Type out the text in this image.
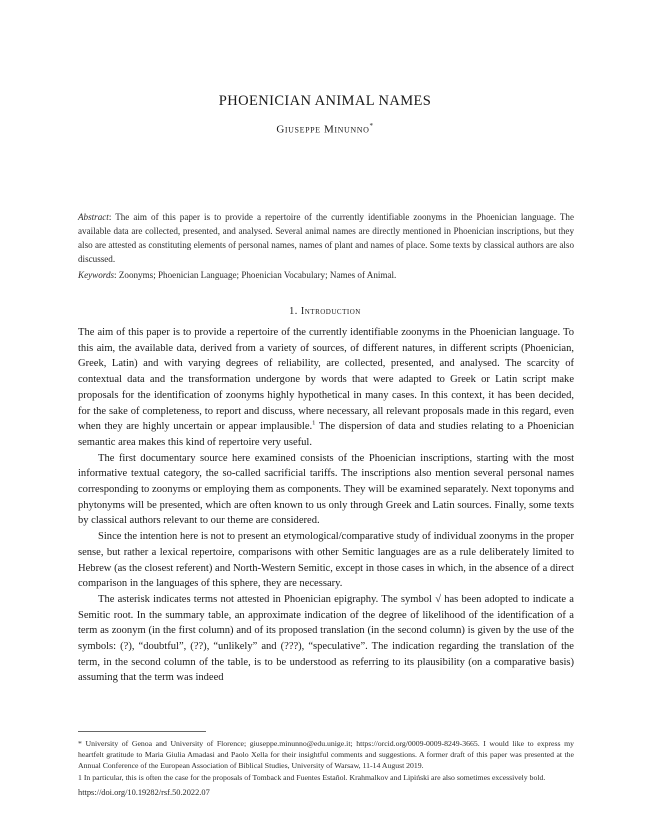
PHOENICIAN ANIMAL NAMES
Giuseppe Minunno*
Abstract: The aim of this paper is to provide a repertoire of the currently identifiable zoonyms in the Phoenician language. The available data are collected, presented, and analysed. Several animal names are directly mentioned in Phoenician inscriptions, but they also are attested as constituting elements of personal names, names of plant and names of place. Some texts by classical authors are also discussed.
Keywords: Zoonyms; Phoenician Language; Phoenician Vocabulary; Names of Animal.
1. Introduction

The aim of this paper is to provide a repertoire of the currently identifiable zoonyms in the Phoenician language. To this aim, the available data, derived from a variety of sources, of different natures, in different scripts (Phoenician, Greek, Latin) and with varying degrees of reliability, are collected, presented, and analysed. The scarcity of contextual data and the transformation undergone by words that were adapted to Greek or Latin script make proposals for the identification of zoonyms highly hypothetical in many cases. In this context, it has been decided, for the sake of completeness, to report and discuss, where necessary, all relevant proposals made in this regard, even when they are highly uncertain or appear implausible.$^1$ The dispersion of data and studies relating to a Phoenician semantic area makes this kind of repertoire very useful.

The first documentary source here examined consists of the Phoenician inscriptions, starting with the most informative textual category, the so-called sacrificial tariffs. The inscriptions also mention several personal names corresponding to zoonyms or employing them as components. They will be examined separately. Next toponyms and phytonyms will be presented, which are often known to us only through Greek and Latin sources. Finally, some texts by classical authors relevant to our theme are considered.

Since the intention here is not to present an etymological/comparative study of individual zoonyms in the proper sense, but rather a lexical repertoire, comparisons with other Semitic languages are as a rule deliberately limited to Hebrew (as the closest referent) and North-Western Semitic, except in those cases in which, in the absence of a direct comparison in the languages of this sphere, they are necessary.

The asterisk indicates terms not attested in Phoenician epigraphy. The symbol √ has been adopted to indicate a Semitic root. In the summary table, an approximate indication of the degree of likelihood of the identification of a term as zoonym (in the first column) and of its proposed translation (in the second column) is given by the use of the symbols: (?), “doubtful”, (??), “unlikely” and (???), “speculative”. The indication regarding the translation of the term, in the second column of the table, is to be understood as referring to its plausibility (on a comparative basis) assuming that the term was indeed

* University of Genoa and University of Florence; giuseppe.minunno@edu.unige.it; https://orcid.org/0009-0009-8249-3665. I would like to express my heartfelt gratitude to Maria Giulia Amadasi and Paolo Xella for their insightful comments and suggestions. A former draft of this paper was presented at the Annual Conference of the European Association of Biblical Studies, University of Warsaw, 11-14 August 2019.

1 In particular, this is often the case for the proposals of Tomback and Fuentes Estañol. Krahmalkov and Lipiński are also sometimes excessively bold.

https://doi.org/10.19282/rsf.50.2022.07
